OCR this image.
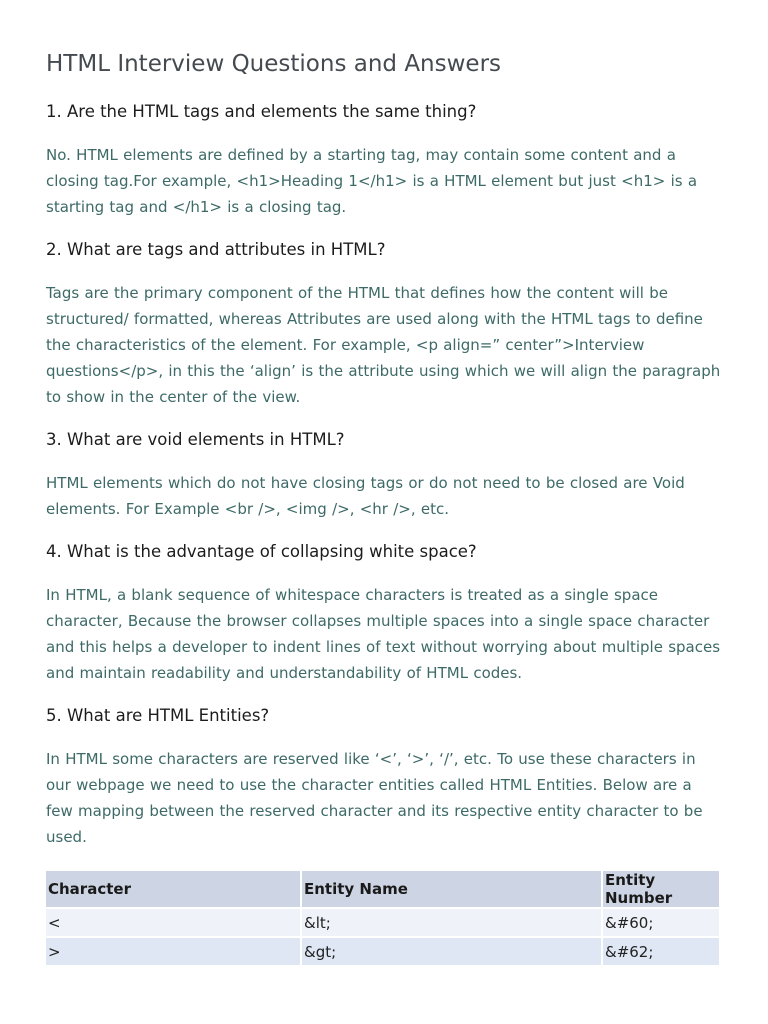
HTML Interview Questions and Answers
1. Are the HTML tags and elements the same thing?

No. HTML elements are defined by a starting tag, may contain some content and a closing tag.For example, <h1>Heading 1</h1> is a HTML element but just <h1> is a starting tag and </h1> is a closing tag.

2. What are tags and attributes in HTML?

Tags are the primary component of the HTML that defines how the content will be structured/ formatted, whereas Attributes are used along with the HTML tags to define the characteristics of the element. For example, <p align=” center”>Interview questions</p>, in this the ‘align’ is the attribute using which we will align the paragraph to show in the center of the view.

3. What are void elements in HTML?

HTML elements which do not have closing tags or do not need to be closed are Void elements. For Example <br />, <img />, <hr />, etc.

4. What is the advantage of collapsing white space?

In HTML, a blank sequence of whitespace characters is treated as a single space character, Because the browser collapses multiple spaces into a single space character and this helps a developer to indent lines of text without worrying about multiple spaces and maintain readability and understandability of HTML codes.

5. What are HTML Entities?

In HTML some characters are reserved like ‘<’, ‘>’, ‘/’, etc. To use these characters in our webpage we need to use the character entities called HTML Entities. Below are a few mapping between the reserved character and its respective entity character to be used.

Character	Entity Name	Entity Number
<	&lt;	&#60;
>	&gt;	&#62;
